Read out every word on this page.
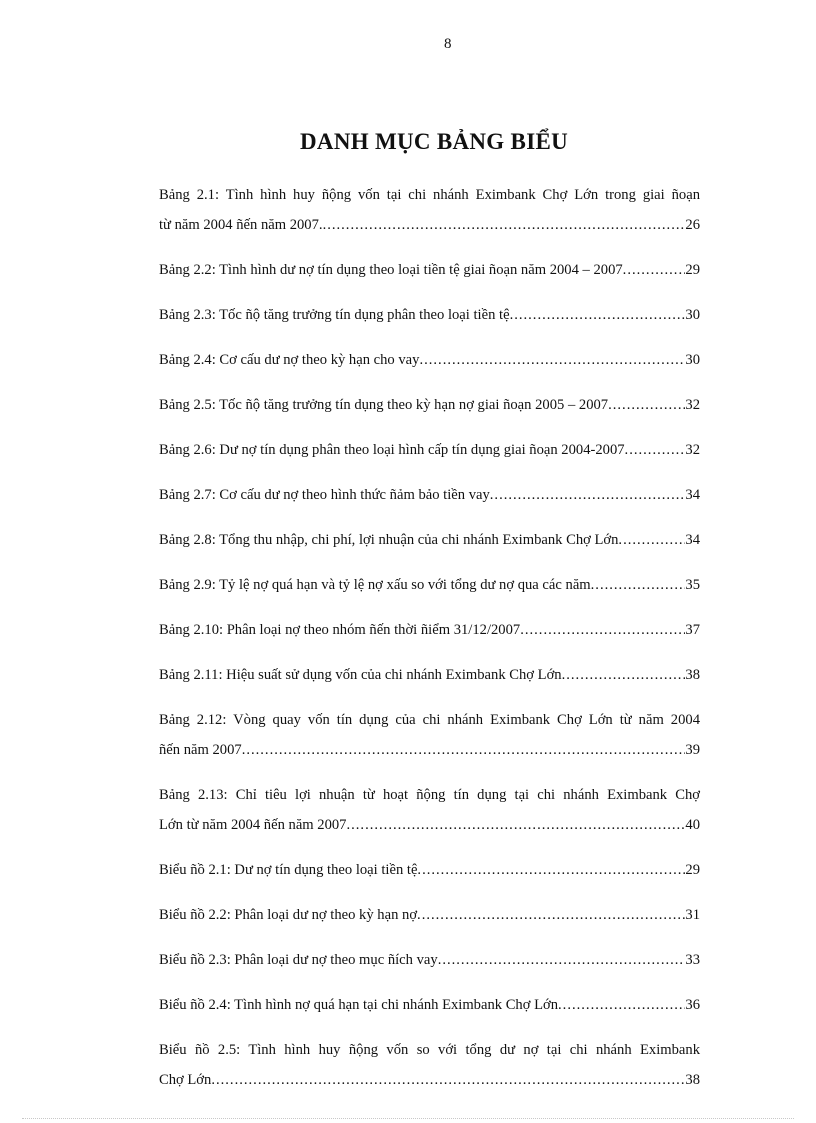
8
DANH MỤC BẢNG BIỂU
Bảng 2.1: Tình hình huy ñộng vốn tại chi nhánh Eximbank Chợ Lớn trong giai ñoạn
từ năm 2004 ñến năm 2007. .....	26
Bảng 2.2: Tình hình dư nợ tín dụng theo loại tiền tệ giai ñoạn năm 2004 – 2007 .....	29
Bảng 2.3: Tốc ñộ tăng trưởng tín dụng phân theo loại tiền tệ .....	30
Bảng 2.4: Cơ cấu dư nợ theo kỳ hạn cho vay .....	30
Bảng 2.5: Tốc ñộ tăng trưởng tín dụng theo kỳ hạn nợ giai ñoạn 2005 – 2007 .....	32
Bảng 2.6: Dư nợ tín dụng phân theo loại hình cấp tín dụng giai ñoạn 2004-2007 .....	32
Bảng 2.7: Cơ cấu dư nợ theo hình thức ñảm bảo tiền vay .....	34
Bảng 2.8: Tổng thu nhập, chi phí, lợi nhuận của chi nhánh Eximbank Chợ Lớn .....	34
Bảng 2.9: Tỷ lệ nợ quá hạn và tỷ lệ nợ xấu so với tổng dư nợ qua các năm .....	35
Bảng 2.10: Phân loại nợ theo nhóm ñến thời ñiểm 31/12/2007 .....	37
Bảng 2.11: Hiệu suất sử dụng vốn của chi nhánh Eximbank Chợ Lớn .....	38
Bảng 2.12: Vòng quay vốn tín dụng của chi nhánh Eximbank Chợ Lớn từ năm 2004
ñến năm 2007 .....	39
Bảng 2.13: Chỉ tiêu lợi nhuận từ hoạt ñộng tín dụng tại chi nhánh Eximbank Chợ
Lớn từ năm 2004 ñến năm 2007 .....	40
Biểu ñồ 2.1: Dư nợ tín dụng theo loại tiền tệ .....	29
Biểu ñồ 2.2: Phân loại dư nợ theo kỳ hạn nợ .....	31
Biểu ñồ 2.3: Phân loại dư nợ theo mục ñích vay .....	33
Biểu ñồ 2.4: Tình hình nợ quá hạn tại chi nhánh Eximbank Chợ Lớn .....	36
Biểu ñồ 2.5: Tình hình huy ñộng vốn so với tổng dư nợ tại chi nhánh Eximbank
Chợ Lớn .....	38
